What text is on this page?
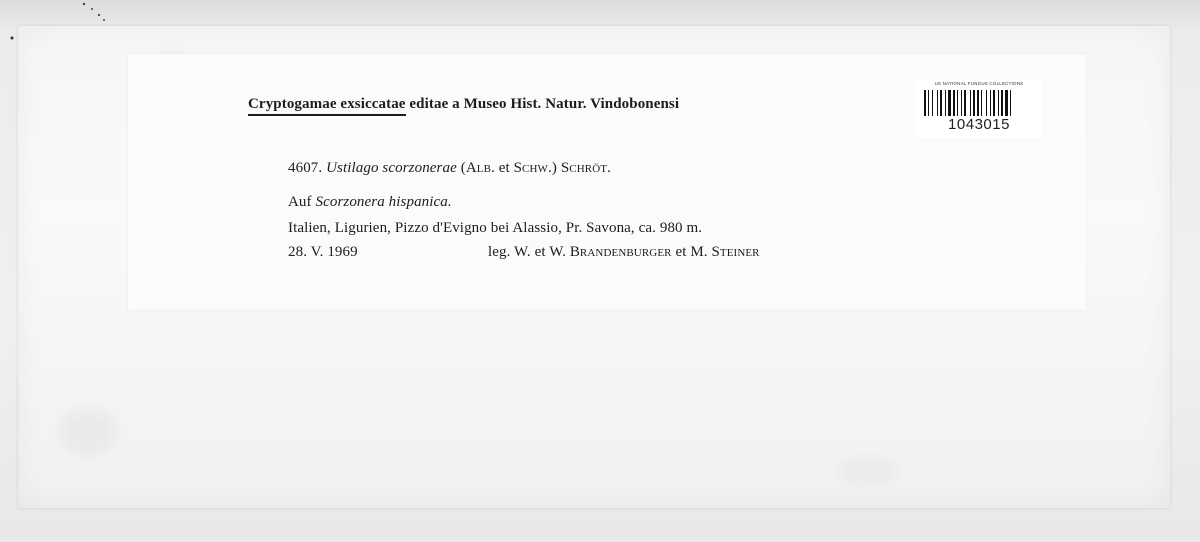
Cryptogamae exsiccatae editae a Museo Hist. Natur. Vindobonensi
4607. Ustilago scorzonerae (Alb. et Schw.) Schröt.
Auf Scorzonera hispanica.
Italien, Ligurien, Pizzo d'Evigno bei Alassio, Pr. Savona, ca. 980 m.
28. V. 1969	leg. W. et W. Brandenburger et M. Steiner
US NATIONAL FUNGUS COLLECTIONS
1043015
